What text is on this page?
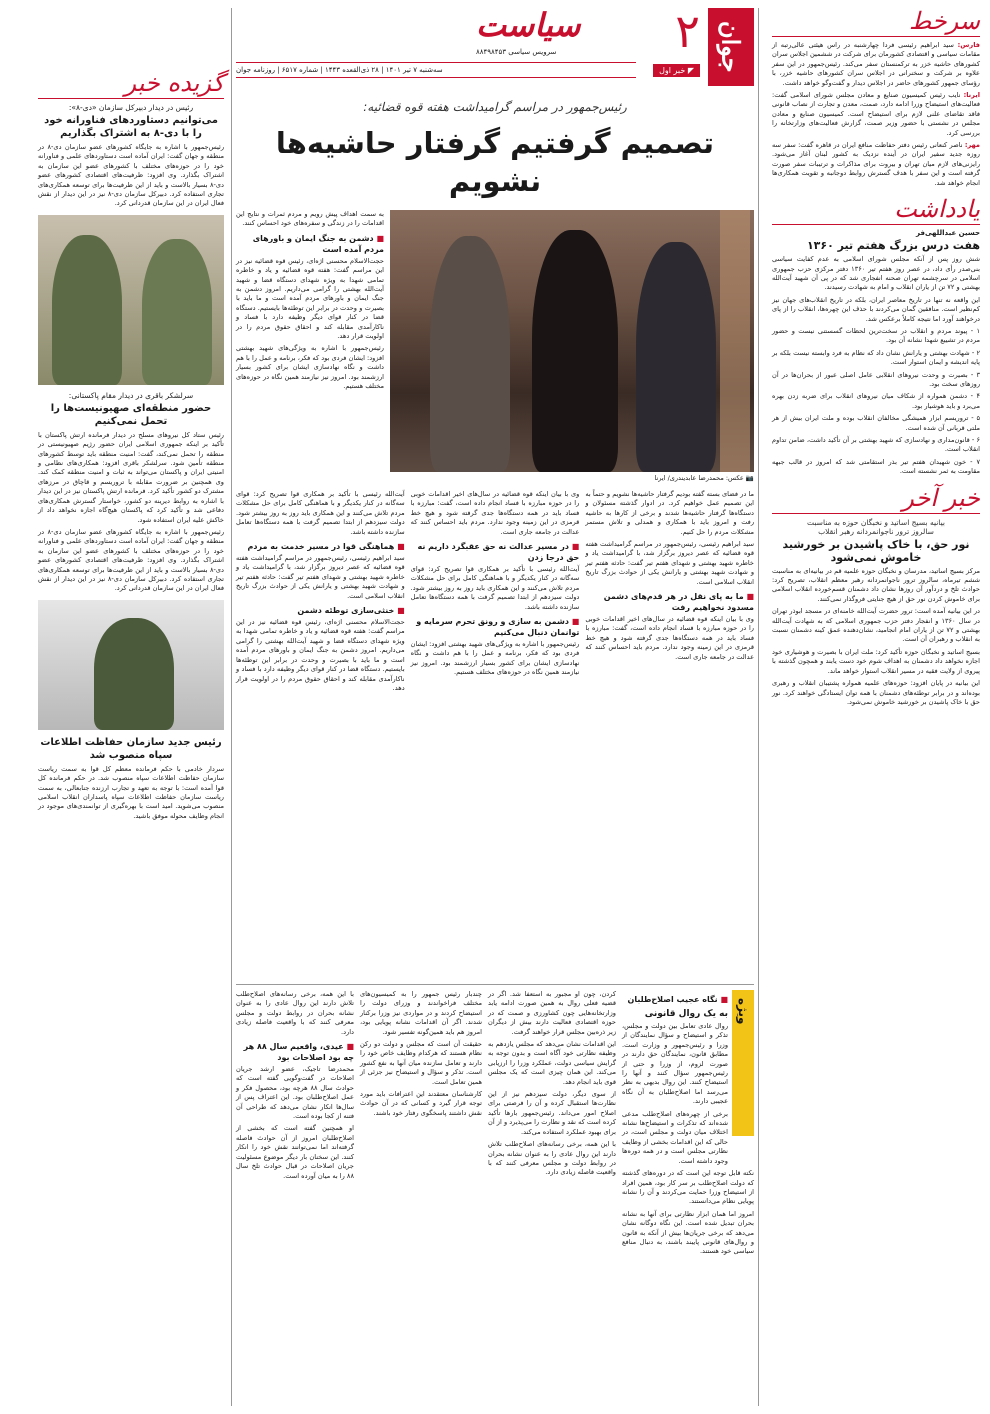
سرخط

فارس: سید ابراهیم رئیسی فردا چهارشنبه در راس هیئتی عالی‌رتبه از مقامات سیاسی و اقتصادی کشورمان برای شرکت در ششمین اجلاس سران کشورهای حاشیه خزر به ترکمنستان سفر می‌کند. رئیس‌جمهور در این سفر علاوه بر شرکت و سخنرانی در اجلاس سران کشورهای حاشیه خزر، با رؤسای جمهور کشورهای حاضر در اجلاس دیدار و گفت‌وگو خواهد داشت.

ایرنا: نایب رئیس کمیسیون صنایع و معادن مجلس شورای اسلامی گفت: فعالیت‌های استیضاح وزرا ادامه دارد، صمت، معدن و تجارت از نصاب قانونی فاقد تقاضای علنی لازم برای استیضاح است. کمیسیون صنایع و معادن مجلس در نشستی با حضور وزیر صمت، گزارش فعالیت‌های وزارتخانه را بررسی کرد.

مهر: ناصر کنعانی رئیس دفتر حفاظت منافع ایران در قاهره گفت: سفر سه روزه جدید سفیر ایران در آینده نزدیک به کشور لبنان آغاز می‌شود. رایزنی‌های لازم میان تهران و بیروت برای مذاکرات و ترتیبات سفر صورت گرفته است و این سفر با هدف گسترش روابط دوجانبه و تقویت همکاری‌ها انجام خواهد شد.

یادداشت

حسین عبداللهی‌فر
هفت درس بزرگ هفتم تیر ۱۳۶۰

شش روز پس از آنکه مجلس شورای اسلامی به عدم کفایت سیاسی بنی‌صدر رأی داد، در عصر روز هفتم تیر ۱۳۶۰ دفتر مرکزی حزب جمهوری اسلامی در سرچشمه تهران صحنه انفجاری شد که در پی آن شهید آیت‌الله بهشتی و ۷۲ تن از یاران انقلاب و امام به شهادت رسیدند.

این واقعه نه تنها در تاریخ معاصر ایران، بلکه در تاریخ انقلاب‌های جهان نیز کم‌نظیر است. منافقین گمان می‌کردند با حذف این چهره‌ها، انقلاب را از پای درخواهند آورد اما نتیجه کاملاً برعکس شد.

۱ - پیوند مردم و انقلاب در سخت‌ترین لحظات گسستنی نیست و حضور مردم در تشییع شهدا نشانه آن بود.

۲ - شهادت بهشتی و یارانش نشان داد که نظام به فرد وابسته نیست بلکه بر پایه اندیشه و ایمان استوار است.

۳ - بصیرت و وحدت نیروهای انقلابی عامل اصلی عبور از بحران‌ها در آن روزهای سخت بود.

۴ - دشمن همواره از شکاف میان نیروهای انقلاب برای ضربه زدن بهره می‌برد و باید هوشیار بود.

۵ - تروریسم ابزار همیشگی مخالفان انقلاب بوده و ملت ایران بیش از هر ملتی قربانی آن شده است.

۶ - قانون‌مداری و نهادسازی که شهید بهشتی بر آن تأکید داشت، ضامن تداوم انقلاب است.

۷ - خون شهیدان هفتم تیر بذر استقامتی شد که امروز در قالب جبهه مقاومت به ثمر نشسته است.

خبر آخر

بیانیه بسیج اساتید و نخبگان حوزه به مناسبت
سالروز ترور ناجوانمردانه رهبر انقلاب
نور حق، با خاک پاشیدن بر خورشید خاموش نمی‌شود

مرکز بسیج اساتید، مدرسان و نخبگان حوزه علمیه قم در بیانیه‌ای به مناسبت ششم تیرماه، سالروز ترور ناجوانمردانه رهبر معظم انقلاب، تصریح کرد: حوادث تلخ و دردآور آن روزها نشان داد دشمنان قسم‌خورده انقلاب اسلامی برای خاموش کردن نور حق از هیچ جنایتی فروگذار نمی‌کنند.

در این بیانیه آمده است: ترور حضرت آیت‌الله خامنه‌ای در مسجد ابوذر تهران در سال ۱۳۶۰ و انفجار دفتر حزب جمهوری اسلامی که به شهادت آیت‌الله بهشتی و ۷۲ تن از یاران امام انجامید، نشان‌دهنده عمق کینه دشمنان نسبت به انقلاب و رهبران آن است.

بسیج اساتید و نخبگان حوزه تأکید کرد: ملت ایران با بصیرت و هوشیاری خود اجازه نخواهد داد دشمنان به اهداف شوم خود دست یابند و همچون گذشته با پیروی از ولایت فقیه در مسیر انقلاب استوار خواهد ماند.

این بیانیه در پایان افزود: حوزه‌های علمیه همواره پشتیبان انقلاب و رهبری بوده‌اند و در برابر توطئه‌های دشمنان با همه توان ایستادگی خواهند کرد. نور حق با خاک پاشیدن بر خورشید خاموش نمی‌شود.

جوان
۲
◤ خبر اول
سیاست
سرویس سیاسی ۸۸۴۹۸۴۵۳
سه‌شنبه ۷ تیر ۱۴۰۱ | ۲۸ ذی‌القعده ۱۴۴۳ | شماره ۶۵۱۷ | روزنامه جوان
رئیس‌جمهور در مراسم گرامیداشت هفته قوه قضائیه:
تصمیم گرفتیم گرفتار حاشیه‌ها نشویم
📷 عکس: محمدرضا عابدیندری/ ایرنا

به سمت اهداف پیش رویم و مردم ثمرات و نتایج این اقدامات را در زندگی و سفره‌های خود احساس کنند.

■ دشمن به جنگ ایمان و باورهای مردم آمده است

حجت‌الاسلام محسنی اژه‌ای، رئیس قوه قضائیه نیز در این مراسم گفت: هفته قوه قضائیه و یاد و خاطره تمامی شهدا به ویژه شهدای دستگاه قضا و شهید آیت‌الله بهشتی را گرامی می‌داریم. امروز دشمن به جنگ ایمان و باورهای مردم آمده است و ما باید با بصیرت و وحدت در برابر این توطئه‌ها بایستیم. دستگاه قضا در کنار قوای دیگر وظیفه دارد با فساد و ناکارآمدی مقابله کند و احقاق حقوق مردم را در اولویت قرار دهد.

رئیس‌جمهور با اشاره به ویژگی‌های شهید بهشتی افزود: ایشان فردی بود که فکر، برنامه و عمل را با هم داشت و نگاه نهادسازی ایشان برای کشور بسیار ارزشمند بود. امروز نیز نیازمند همین نگاه در حوزه‌های مختلف هستیم.

ما در فضای بسته گفته بودیم گرفتار حاشیه‌ها نشویم و حتماً به این تصمیم عمل خواهیم کرد. در ادوار گذشته مسئولان و دستگاه‌ها گرفتار حاشیه‌ها شدند و برخی از کارها به حاشیه رفت و امروز باید با همکاری و همدلی و تلاش مستمر مشکلات مردم را حل کنیم.

سید ابراهیم رئیسی، رئیس‌جمهور در مراسم گرامیداشت هفته قوه قضائیه که عصر دیروز برگزار شد، با گرامیداشت یاد و خاطره شهید بهشتی و شهدای هفتم تیر گفت: حادثه هفتم تیر و شهادت شهید بهشتی و یارانش یکی از حوادث بزرگ تاریخ انقلاب اسلامی است.

■ ما به پای نقل در هر قدم‌های دشمن مسدود نخواهیم رفت

وی با بیان اینکه قوه قضائیه در سال‌های اخیر اقدامات خوبی را در حوزه مبارزه با فساد انجام داده است، گفت: مبارزه با فساد باید در همه دستگاه‌ها جدی گرفته شود و هیچ خط قرمزی در این زمینه وجود ندارد. مردم باید احساس کنند که عدالت در جامعه جاری است.

وی با بیان اینکه قوه قضائیه در سال‌های اخیر اقدامات خوبی را در حوزه مبارزه با فساد انجام داده است، گفت: مبارزه با فساد باید در همه دستگاه‌ها جدی گرفته شود و هیچ خط قرمزی در این زمینه وجود ندارد. مردم باید احساس کنند که عدالت در جامعه جاری است.

■ در مسیر عدالت نه حق عقبگرد داریم نه حق درجا زدن

آیت‌الله رئیسی با تأکید بر همکاری قوا تصریح کرد: قوای سه‌گانه در کنار یکدیگر و با هماهنگی کامل برای حل مشکلات مردم تلاش می‌کنند و این همکاری باید روز به روز بیشتر شود. دولت سیزدهم از ابتدا تصمیم گرفت با همه دستگاه‌ها تعامل سازنده داشته باشد.

■ دشمن به سازی و رونق تحرم سرمایه و توانمان دنبال می‌کنیم

رئیس‌جمهور با اشاره به ویژگی‌های شهید بهشتی افزود: ایشان فردی بود که فکر، برنامه و عمل را با هم داشت و نگاه نهادسازی ایشان برای کشور بسیار ارزشمند بود. امروز نیز نیازمند همین نگاه در حوزه‌های مختلف هستیم.

آیت‌الله رئیسی با تأکید بر همکاری قوا تصریح کرد: قوای سه‌گانه در کنار یکدیگر و با هماهنگی کامل برای حل مشکلات مردم تلاش می‌کنند و این همکاری باید روز به روز بیشتر شود. دولت سیزدهم از ابتدا تصمیم گرفت با همه دستگاه‌ها تعامل سازنده داشته باشد.

■ هماهنگی قوا در مسیر خدمت به مردم

سید ابراهیم رئیسی، رئیس‌جمهور در مراسم گرامیداشت هفته قوه قضائیه که عصر دیروز برگزار شد، با گرامیداشت یاد و خاطره شهید بهشتی و شهدای هفتم تیر گفت: حادثه هفتم تیر و شهادت شهید بهشتی و یارانش یکی از حوادث بزرگ تاریخ انقلاب اسلامی است.

■ خنثی‌سازی توطئه دشمن

حجت‌الاسلام محسنی اژه‌ای، رئیس قوه قضائیه نیز در این مراسم گفت: هفته قوه قضائیه و یاد و خاطره تمامی شهدا به ویژه شهدای دستگاه قضا و شهید آیت‌الله بهشتی را گرامی می‌داریم. امروز دشمن به جنگ ایمان و باورهای مردم آمده است و ما باید با بصیرت و وحدت در برابر این توطئه‌ها بایستیم. دستگاه قضا در کنار قوای دیگر وظیفه دارد با فساد و ناکارآمدی مقابله کند و احقاق حقوق مردم را در اولویت قرار دهد.

ویژه
■ نگاه عجیب اصلاح‌طلبان
به یک روال قانونی

روال عادی تعامل بین دولت و مجلس، تذکر و استیضاح و سؤال نمایندگان از وزرا و رئیس‌جمهور و وزارت است. مطابق قانون، نمایندگان حق دارند در صورت لزوم، از وزرا و حتی از رئیس‌جمهور سؤال کنند و آنها را استیضاح کنند. این روال بدیهی به نظر می‌رسد اما اصلاح‌طلبان به آن نگاه عجیبی دارند.

برخی از چهره‌های اصلاح‌طلب مدعی شده‌اند که تذکرات و استیضاح‌ها نشانه اختلاف میان دولت و مجلس است، در حالی که این اقدامات بخشی از وظایف نظارتی مجلس است و در همه دوره‌ها وجود داشته است.

نکته قابل توجه این است که در دوره‌های گذشته که دولت اصلاح‌طلب بر سر کار بود، همین افراد از استیضاح وزرا حمایت می‌کردند و آن را نشانه پویایی نظام می‌دانستند.

امروز اما همان ابزار نظارتی برای آنها به نشانه بحران تبدیل شده است. این نگاه دوگانه نشان می‌دهد که برخی جریان‌ها بیش از آنکه به قانون و روال‌های قانونی پایبند باشند، به دنبال منافع سیاسی خود هستند.

کردن، چون او مجبور به استعفا شد. اگر در قضیه فعلی روال به همین صورت ادامه یابد وزارتخانه‌هایی چون کشاورزی و صمت که در حوزه اقتصادی فعالیت دارند بیش از دیگران زیر ذره‌بین مجلس قرار خواهند گرفت.

این اقدامات نشان می‌دهد که مجلس یازدهم به وظیفه نظارتی خود آگاه است و بدون توجه به گرایش سیاسی دولت، عملکرد وزرا را ارزیابی می‌کند. این همان چیزی است که یک مجلس قوی باید انجام دهد.

از سوی دیگر، دولت سیزدهم نیز از این نظارت‌ها استقبال کرده و آن را فرصتی برای اصلاح امور می‌داند. رئیس‌جمهور بارها تأکید کرده است که نقد و نظارت را می‌پذیرد و از آن برای بهبود عملکرد استفاده می‌کند.

با این همه، برخی رسانه‌های اصلاح‌طلب تلاش دارند این روال عادی را به عنوان نشانه بحران در روابط دولت و مجلس معرفی کنند که با واقعیت فاصله زیادی دارد.

چندبار رئیس جمهور را به کمیسیون‌های مختلف فراخواندند و وزرای دولت را استیضاح کردند و در مواردی نیز وزرا برکنار شدند. اگر آن اقدامات نشانه پویایی بود، امروز هم باید همین‌گونه تفسیر شود.

حقیقت آن است که مجلس و دولت دو رکن نظام هستند که هرکدام وظایف خاص خود را دارند و تعامل سازنده میان آنها به نفع کشور است. تذکر و سؤال و استیضاح نیز جزئی از همین تعامل است.

کارشناسان معتقدند این اعترافات باید مورد توجه قرار گیرد و کسانی که در آن حوادث نقش داشتند پاسخگوی رفتار خود باشند.

با این همه، برخی رسانه‌های اصلاح‌طلب تلاش دارند این روال عادی را به عنوان نشانه بحران در روابط دولت و مجلس معرفی کنند که با واقعیت فاصله زیادی دارد.

■ عیدی، واقعیم سال ۸۸ هر چه بود اصلاحات بود

محمدرضا تاجیک، عضو ارشد جریان اصلاحات در گفت‌وگویی گفته است که حوادث سال ۸۸ هرچه بود، محصول فکر و عمل اصلاح‌طلبان بود. این اعتراف پس از سال‌ها انکار نشان می‌دهد که طراحی آن فتنه از کجا بوده است.

او همچنین گفته است که بخشی از اصلاح‌طلبان امروز از آن حوادث فاصله گرفته‌اند اما نمی‌توانند نقش خود را انکار کنند. این سخنان بار دیگر موضوع مسئولیت جریان اصلاحات در قبال حوادث تلخ سال ۸۸ را به میان آورده است.

گزیده خبر

رئیس در دیدار دبیرکل سازمان «دی-۸»:
می‌توانیم دستاوردهای فناورانه خود را با دی-۸ به اشتراک بگذاریم

رئیس‌جمهور با اشاره به جایگاه کشورهای عضو سازمان دی-۸ در منطقه و جهان گفت: ایران آماده است دستاوردهای علمی و فناورانه خود را در حوزه‌های مختلف با کشورهای عضو این سازمان به اشتراک بگذارد. وی افزود: ظرفیت‌های اقتصادی کشورهای عضو دی-۸ بسیار بالاست و باید از این ظرفیت‌ها برای توسعه همکاری‌های تجاری استفاده کرد. دبیرکل سازمان دی-۸ نیز در این دیدار از نقش فعال ایران در این سازمان قدردانی کرد.

سرلشکر باقری در دیدار مقام پاکستانی:
حضور منطقه‌ای صهیونیست‌ها را تحمل نمی‌کنیم

رئیس ستاد کل نیروهای مسلح در دیدار فرمانده ارتش پاکستان با تأکید بر اینکه جمهوری اسلامی ایران حضور رژیم صهیونیستی در منطقه را تحمل نمی‌کند، گفت: امنیت منطقه باید توسط کشورهای منطقه تأمین شود. سرلشکر باقری افزود: همکاری‌های نظامی و امنیتی ایران و پاکستان می‌تواند به ثبات و امنیت منطقه کمک کند. وی همچنین بر ضرورت مقابله با تروریسم و قاچاق در مرزهای مشترک دو کشور تأکید کرد. فرمانده ارتش پاکستان نیز در این دیدار با اشاره به روابط دیرینه دو کشور، خواستار گسترش همکاری‌های دفاعی شد و تأکید کرد که پاکستان هیچ‌گاه اجازه نخواهد داد از خاکش علیه ایران استفاده شود.

رئیس‌جمهور با اشاره به جایگاه کشورهای عضو سازمان دی-۸ در منطقه و جهان گفت: ایران آماده است دستاوردهای علمی و فناورانه خود را در حوزه‌های مختلف با کشورهای عضو این سازمان به اشتراک بگذارد. وی افزود: ظرفیت‌های اقتصادی کشورهای عضو دی-۸ بسیار بالاست و باید از این ظرفیت‌ها برای توسعه همکاری‌های تجاری استفاده کرد. دبیرکل سازمان دی-۸ نیز در این دیدار از نقش فعال ایران در این سازمان قدردانی کرد.

رئیس جدید سازمان حفاظت اطلاعات سپاه منصوب شد

سردار خادمی با حکم فرمانده معظم کل قوا به سمت ریاست سازمان حفاظت اطلاعات سپاه منصوب شد. در حکم فرمانده کل قوا آمده است: با توجه به تعهد و تجارب ارزنده جنابعالی، به سمت ریاست سازمان حفاظت اطلاعات سپاه پاسداران انقلاب اسلامی منصوب می‌شوید. امید است با بهره‌گیری از توانمندی‌های موجود در انجام وظایف محوله موفق باشید.
